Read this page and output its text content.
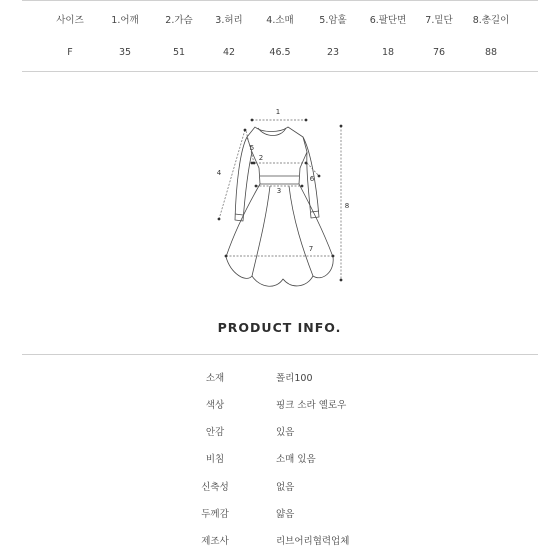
사이즈	1.어깨	2.가슴	3.허리	4.소매	5.암홀	6.팔단면	7.밑단	8.총길이
F	35	51	42	46.5	23	18	76	88
1
2
3
4
5
6
7
8
PRODUCT INFO.
소재	폴리100
색상	핑크 소라 옐로우
안감	있음
비침	소매 있음
신축성	없음
두께감	얇음
제조사	리브어리협력업체
